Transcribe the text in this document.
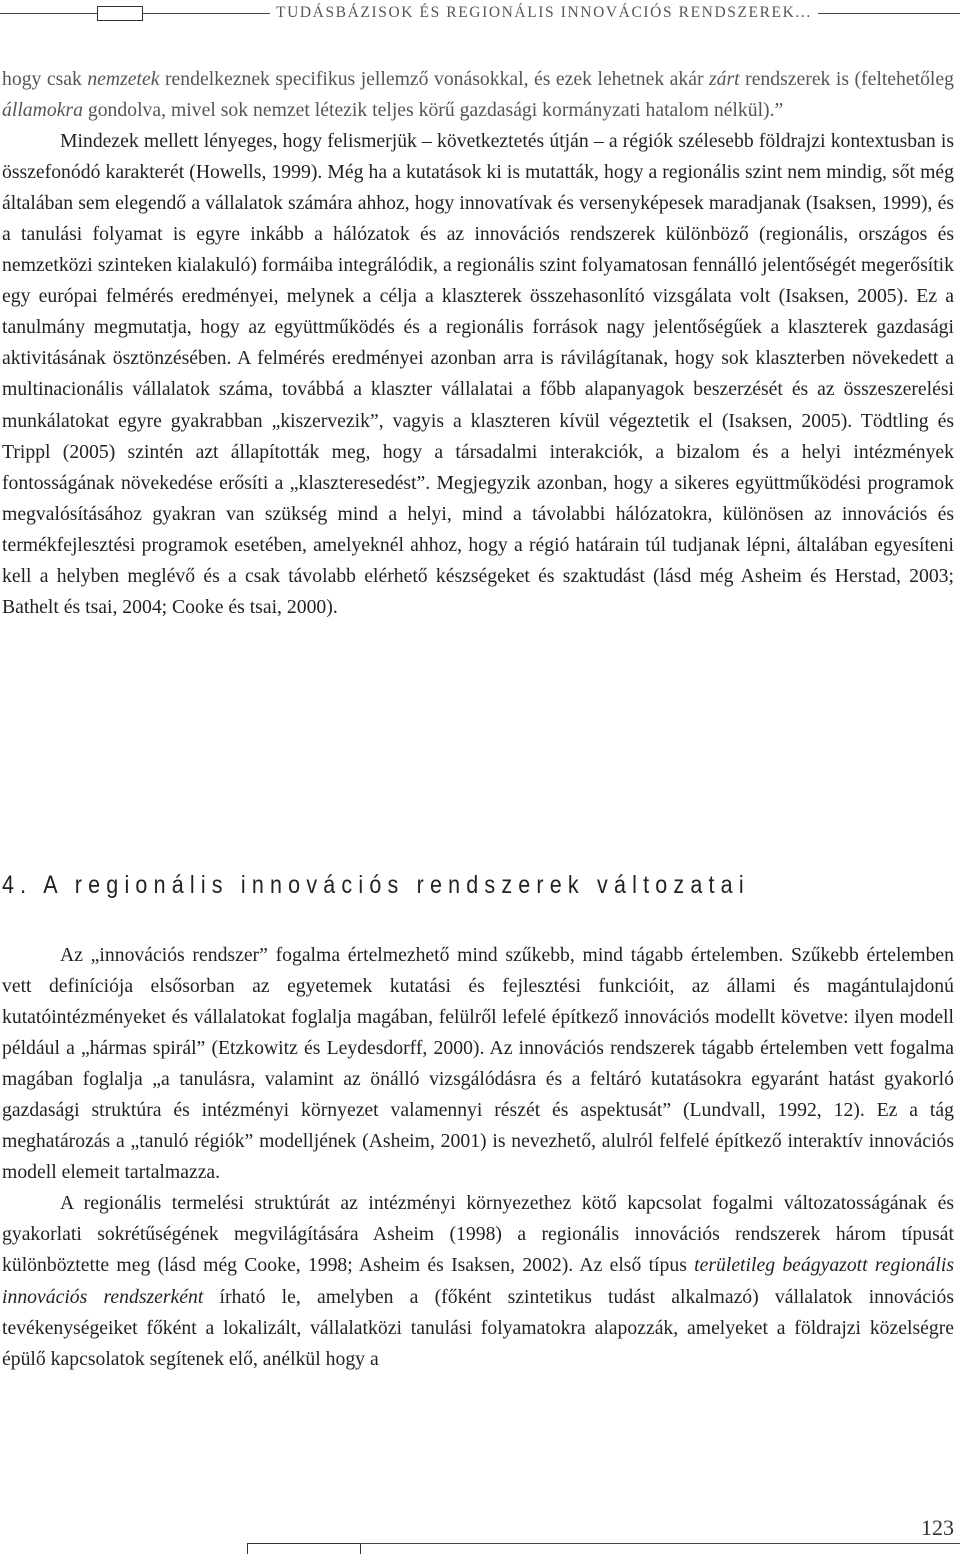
TUDÁSBÁZISOK ÉS REGIONÁLIS INNOVÁCIÓS RENDSZEREK...

hogy csak nemzetek rendelkeznek specifikus jellemző vonásokkal, és ezek lehetnek akár zárt rendszerek is (feltehetőleg államokra gondolva, mivel sok nemzet létezik teljes körű gazdasági kormányzati hatalom nélkül).”

Mindezek mellett lényeges, hogy felismerjük – következtetés útján – a régiók szélesebb földrajzi kontextusban is összefonódó karakterét (Howells, 1999). Még ha a kutatások ki is mutatták, hogy a regionális szint nem mindig, sőt még általában sem elegendő a vállalatok számára ahhoz, hogy innovatívak és versenyképesek maradjanak (Isaksen, 1999), és a tanulási folyamat is egyre inkább a hálózatok és az innovációs rendszerek különböző (regionális, országos és nemzetközi szinteken kialakuló) formáiba integrálódik, a regionális szint folyamatosan fennálló jelentőségét megerősítik egy európai felmérés eredményei, melynek a célja a klaszterek összehasonlító vizsgálata volt (Isaksen, 2005). Ez a tanulmány megmutatja, hogy az együttműködés és a regionális források nagy jelentőségűek a klaszterek gazdasági aktivitásának ösztönzésében. A felmérés eredményei azonban arra is rávilágítanak, hogy sok klaszterben növekedett a multinacionális vállalatok száma, továbbá a klaszter vállalatai a főbb alapanyagok beszerzését és az összeszerelési munkálatokat egyre gyakrabban „kiszervezik”, vagyis a klaszteren kívül végeztetik el (Isaksen, 2005). Tödtling és Trippl (2005) szintén azt állapították meg, hogy a társadalmi interakciók, a bizalom és a helyi intézmények fontosságának növekedése erősíti a „klaszteresedést”. Megjegyzik azonban, hogy a sikeres együttműködési programok megvalósításához gyakran van szükség mind a helyi, mind a távolabbi hálózatokra, különösen az innovációs és termékfejlesztési programok esetében, amelyeknél ahhoz, hogy a régió határain túl tudjanak lépni, általában egyesíteni kell a helyben meglévő és a csak távolabb elérhető készségeket és szaktudást (lásd még Asheim és Herstad, 2003; Bathelt és tsai, 2004; Cooke és tsai, 2000).

4. A regionális innovációs rendszerek változatai

Az „innovációs rendszer” fogalma értelmezhető mind szűkebb, mind tágabb értelemben. Szűkebb értelemben vett definíciója elsősorban az egyetemek kutatási és fejlesztési funkcióit, az állami és magántulajdonú kutatóintézményeket és vállalatokat foglalja magában, felülről lefelé építkező innovációs modellt követve: ilyen modell például a „hármas spirál” (Etzkowitz és Leydesdorff, 2000). Az innovációs rendszerek tágabb értelemben vett fogalma magában foglalja „a tanulásra, valamint az önálló vizsgálódásra és a feltáró kutatásokra egyaránt hatást gyakorló gazdasági struktúra és intézményi környezet valamennyi részét és aspektusát” (Lundvall, 1992, 12). Ez a tág meghatározás a „tanuló régiók” modelljének (Asheim, 2001) is nevezhető, alulról felfelé építkező interaktív innovációs modell elemeit tartalmazza.

A regionális termelési struktúrát az intézményi környezethez kötő kapcsolat fogalmi változatosságának és gyakorlati sokrétűségének megvilágítására Asheim (1998) a regionális innovációs rendszerek három típusát különböztette meg (lásd még Cooke, 1998; Asheim és Isaksen, 2002). Az első típus területileg beágyazott regionális innovációs rendszerként írható le, amelyben a (főként szintetikus tudást alkalmazó) vállalatok innovációs tevékenységeiket főként a lokalizált, vállalatközi tanulási folyamatokra alapozzák, amelyeket a földrajzi közelségre épülő kapcsolatok segítenek elő, anélkül hogy a

123
